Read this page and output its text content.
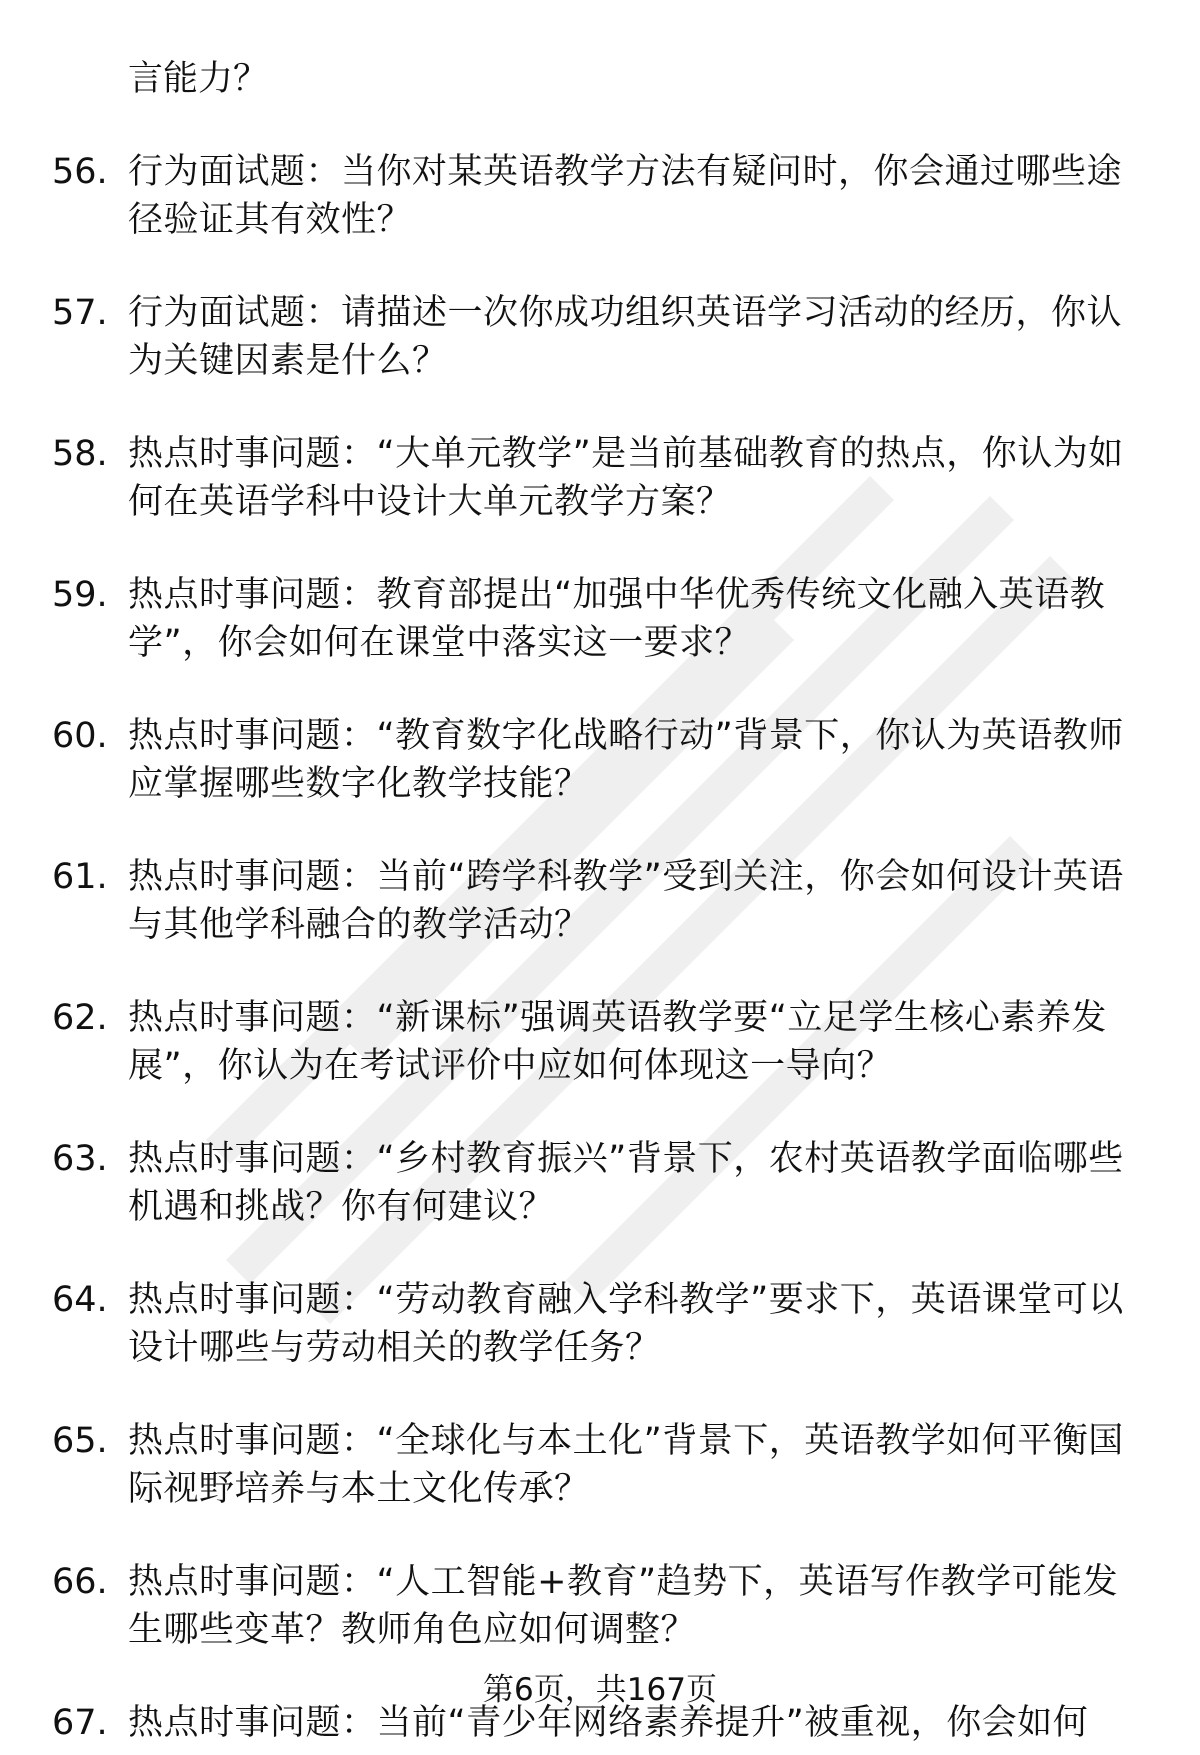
言能力？

56. 行为面试题：当你对某英语教学方法有疑问时，你会通过哪些途径验证其有效性？
57. 行为面试题：请描述一次你成功组织英语学习活动的经历，你认为关键因素是什么？
58. 热点时事问题：“大单元教学”是当前基础教育的热点，你认为如何在英语学科中设计大单元教学方案？
59. 热点时事问题：教育部提出“加强中华优秀传统文化融入英语教学”，你会如何在课堂中落实这一要求？
60. 热点时事问题：“教育数字化战略行动”背景下，你认为英语教师应掌握哪些数字化教学技能？
61. 热点时事问题：当前“跨学科教学”受到关注，你会如何设计英语与其他学科融合的教学活动？
62. 热点时事问题：“新课标”强调英语教学要“立足学生核心素养发展”，你认为在考试评价中应如何体现这一导向？
63. 热点时事问题：“乡村教育振兴”背景下，农村英语教学面临哪些机遇和挑战？你有何建议？
64. 热点时事问题：“劳动教育融入学科教学”要求下，英语课堂可以设计哪些与劳动相关的教学任务？
65. 热点时事问题：“全球化与本土化”背景下，英语教学如何平衡国际视野培养与本土文化传承？
66. 热点时事问题：“人工智能+教育”趋势下，英语写作教学可能发生哪些变革？教师角色应如何调整？
67. 热点时事问题：当前“青少年网络素养提升”被重视，你会如何
第6页，共167页
